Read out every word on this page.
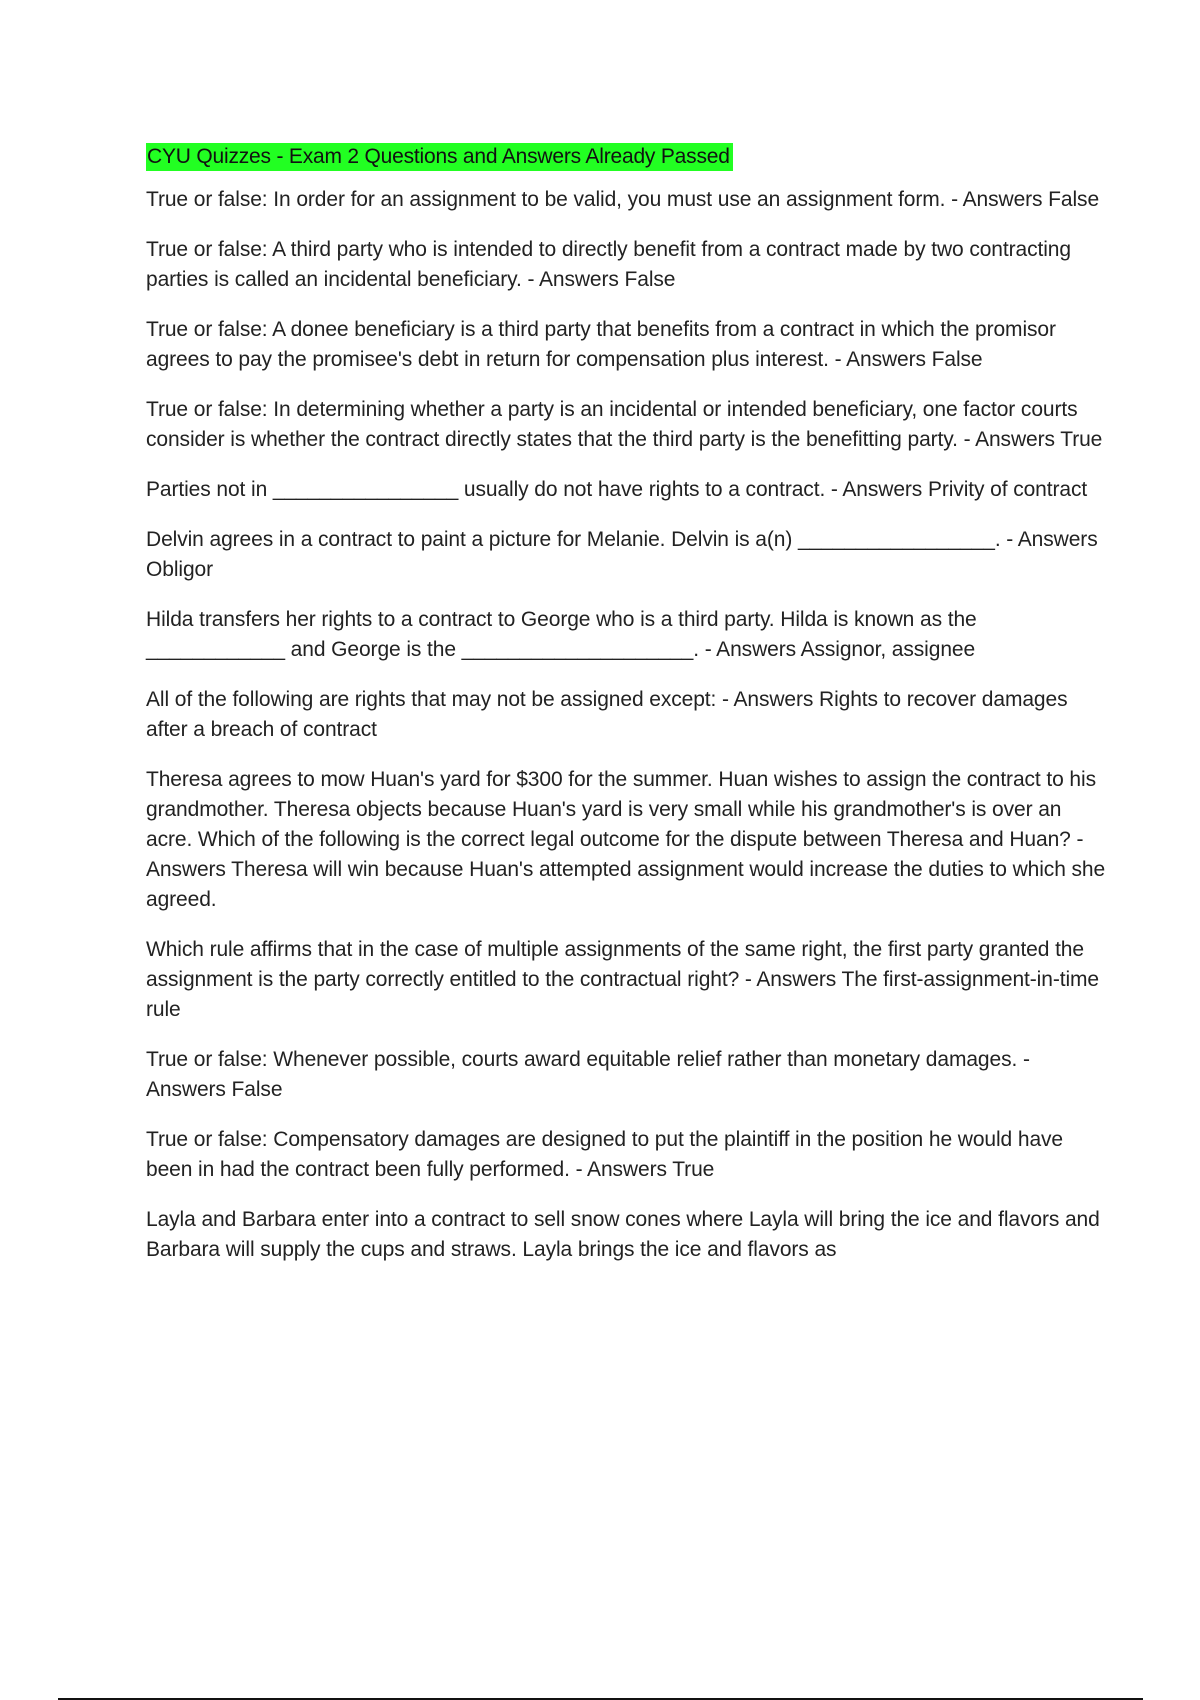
CYU Quizzes - Exam 2 Questions and Answers Already Passed

True or false: In order for an assignment to be valid, you must use an assignment form. - Answers False

True or false: A third party who is intended to directly benefit from a contract made by two contracting parties is called an incidental beneficiary. - Answers False

True or false: A donee beneficiary is a third party that benefits from a contract in which the promisor agrees to pay the promisee's debt in return for compensation plus interest. - Answers False

True or false: In determining whether a party is an incidental or intended beneficiary, one factor courts consider is whether the contract directly states that the third party is the benefitting party. - Answers True

Parties not in ________________ usually do not have rights to a contract. - Answers Privity of contract

Delvin agrees in a contract to paint a picture for Melanie. Delvin is a(n) _________________. - Answers Obligor

Hilda transfers her rights to a contract to George who is a third party. Hilda is known as the ____________ and George is the ____________________. - Answers Assignor, assignee

All of the following are rights that may not be assigned except: - Answers Rights to recover damages after a breach of contract

Theresa agrees to mow Huan's yard for $300 for the summer. Huan wishes to assign the contract to his grandmother. Theresa objects because Huan's yard is very small while his grandmother's is over an acre. Which of the following is the correct legal outcome for the dispute between Theresa and Huan? - Answers Theresa will win because Huan's attempted assignment would increase the duties to which she agreed.

Which rule affirms that in the case of multiple assignments of the same right, the first party granted the assignment is the party correctly entitled to the contractual right? - Answers The first-assignment-in-time rule

True or false: Whenever possible, courts award equitable relief rather than monetary damages. - Answers False

True or false: Compensatory damages are designed to put the plaintiff in the position he would have been in had the contract been fully performed. - Answers True

Layla and Barbara enter into a contract to sell snow cones where Layla will bring the ice and flavors and Barbara will supply the cups and straws. Layla brings the ice and flavors as
